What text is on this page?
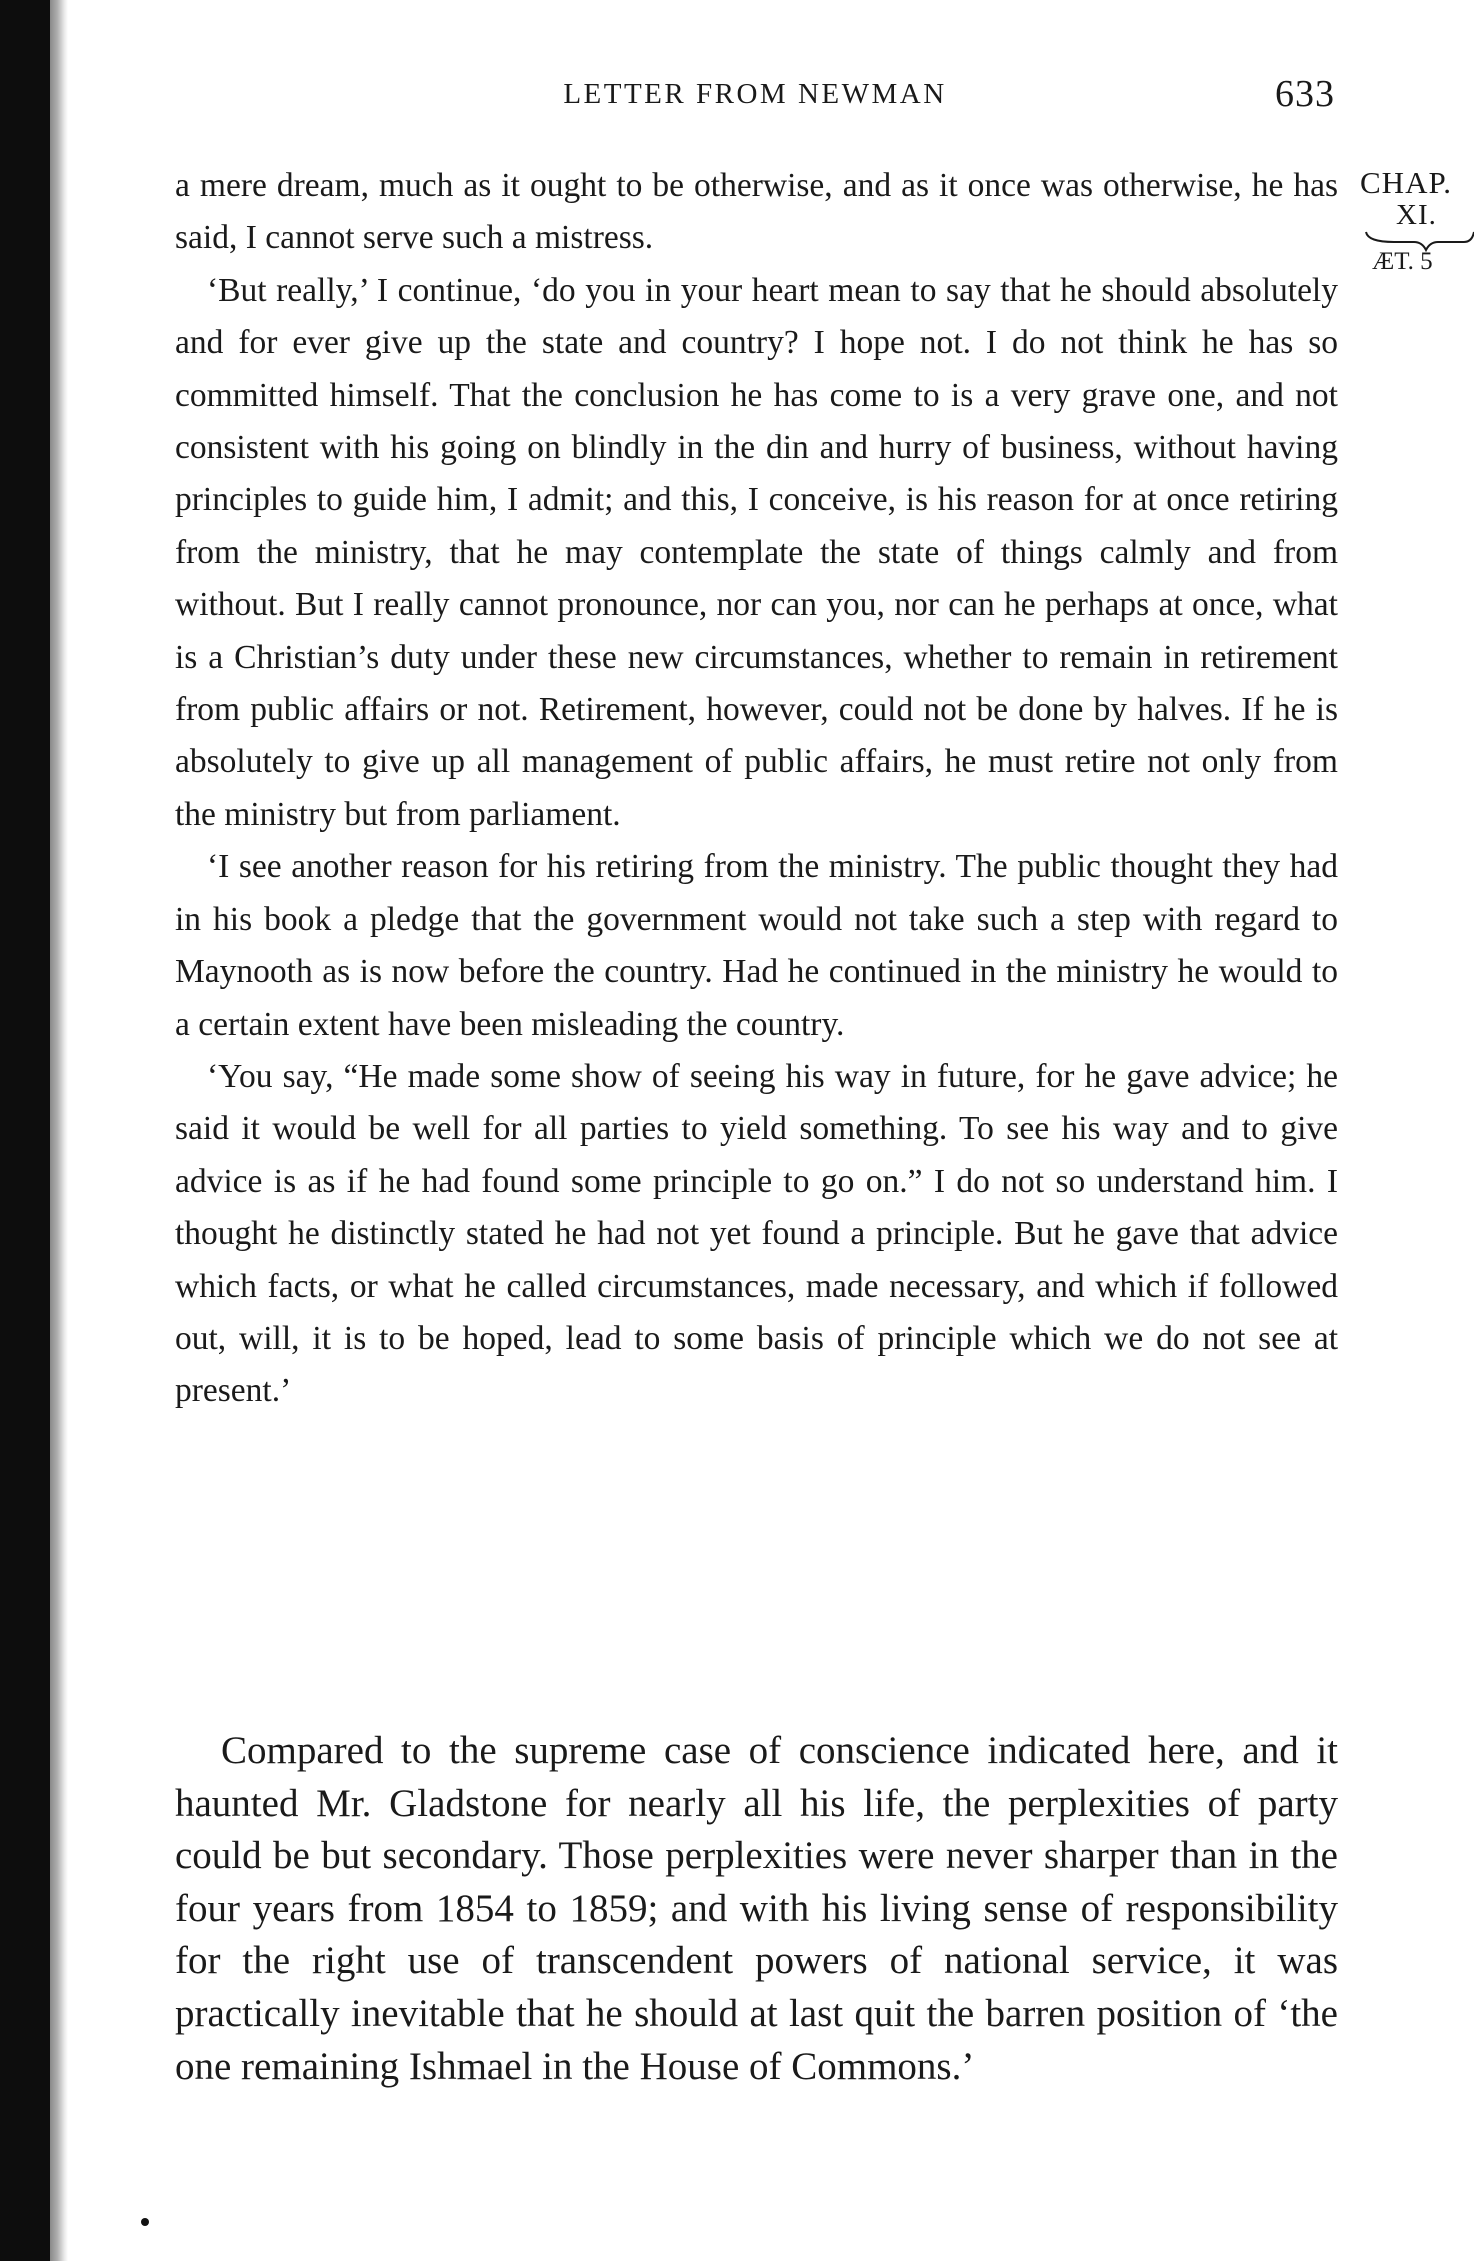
LETTER FROM NEWMAN	633
CHAP.
XI.
ÆT. 5

a mere dream, much as it ought to be otherwise, and as it once was otherwise, he has said, I cannot serve such a mistress.

‘But really,’ I continue, ‘do you in your heart mean to say that he should absolutely and for ever give up the state and country? I hope not. I do not think he has so committed himself. That the conclusion he has come to is a very grave one, and not consistent with his going on blindly in the din and hurry of business, without having principles to guide him, I admit; and this, I conceive, is his reason for at once retiring from the ministry, that he may contemplate the state of things calmly and from without. But I really cannot pronounce, nor can you, nor can he perhaps at once, what is a Christian’s duty under these new circumstances, whether to remain in retirement from public affairs or not. Retirement, however, could not be done by halves. If he is absolutely to give up all management of public affairs, he must retire not only from the ministry but from parliament.

‘I see another reason for his retiring from the ministry. The public thought they had in his book a pledge that the government would not take such a step with regard to Maynooth as is now before the country. Had he continued in the ministry he would to a certain extent have been misleading the country.

‘You say, “He made some show of seeing his way in future, for he gave advice; he said it would be well for all parties to yield something. To see his way and to give advice is as if he had found some principle to go on.” I do not so understand him. I thought he distinctly stated he had not yet found a principle. But he gave that advice which facts, or what he called circumstances, made necessary, and which if followed out, will, it is to be hoped, lead to some basis of principle which we do not see at present.’

Compared to the supreme case of conscience indicated here, and it haunted Mr. Gladstone for nearly all his life, the perplexities of party could be but secondary. Those perplexities were never sharper than in the four years from 1854 to 1859; and with his living sense of responsibility for the right use of transcendent powers of national service, it was practically inevitable that he should at last quit the barren position of ‘the one remaining Ishmael in the House of Commons.’
